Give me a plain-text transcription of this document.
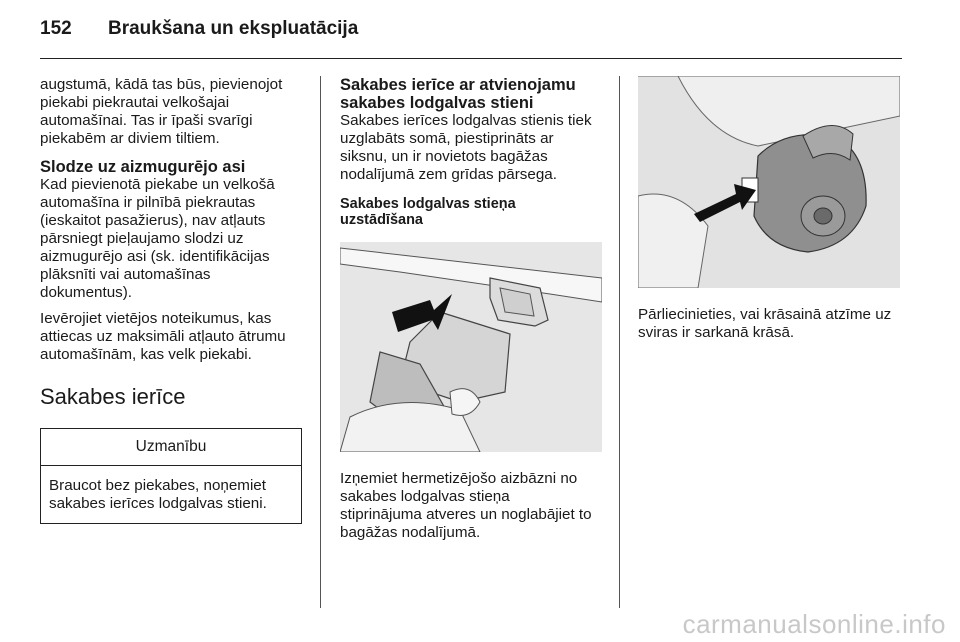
152 Braukšana un ekspluatācija

augstumā, kādā tas būs, pievienojot
piekabi piekrautai velkošajai
automašīnai. Tas ir īpaši svarīgi
piekabēm ar diviem tiltiem.

Slodze uz aizmugurējo asi

Kad pievienotā piekabe un velkošā
automašīna ir pilnībā piekrautas
(ieskaitot pasažierus), nav atļauts
pārsniegt pieļaujamo slodzi uz
aizmugurējo asi (sk. identifikācijas
plāksnīti vai automašīnas
dokumentus).

Ievērojiet vietējos noteikumus, kas
attiecas uz maksimāli atļauto ātrumu
automašīnām, kas velk piekabi.

Sakabes ierīce
Uzmanību
Braucot bez piekabes, noņemiet
sakabes ierīces lodgalvas stieni.
Sakabes ierīce ar atvienojamu
sakabes lodgalvas stieni

Sakabes ierīces lodgalvas stienis tiek
uzglabāts somā, piestiprināts ar
siksnu, un ir novietots bagāžas
nodalījumā zem grīdas pārsega.

Sakabes lodgalvas stieņa
uzstādīšana

Izņemiet hermetizējošo aizbāzni no
sakabes lodgalvas stieņa
stiprinājuma atveres un noglabājiet to
bagāžas nodalījumā.

Pārliecinieties, vai krāsainā atzīme uz
sviras ir sarkanā krāsā.

carmanualsonline.info
